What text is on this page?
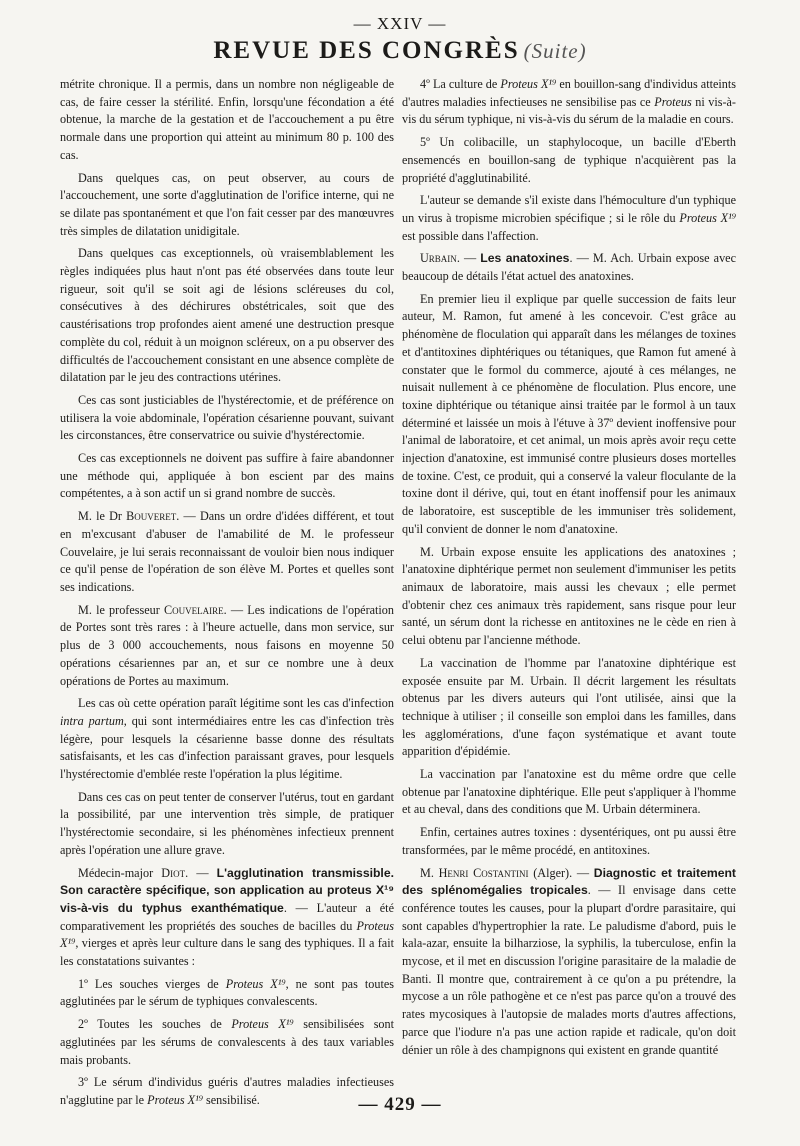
— XXIV —
REVUE DES CONGRÈS (Suite)

métrite chronique. Il a permis, dans un nombre non négligeable de cas, de faire cesser la stérilité. Enfin, lorsqu'une fécondation a été obtenue, la marche de la gestation et de l'accouchement a pu être normale dans une proportion qui atteint au minimum 80 p. 100 des cas.

Dans quelques cas, on peut observer, au cours de l'accouchement, une sorte d'agglutination de l'orifice interne, qui ne se dilate pas spontanément et que l'on fait cesser par des manœuvres très simples de dilatation unidigitale.

Dans quelques cas exceptionnels, où vraisemblablement les règles indiquées plus haut n'ont pas été observées dans toute leur rigueur, soit qu'il se soit agi de lésions scléreuses du col, consécutives à des déchirures obstétricales, soit que des caustérisations trop profondes aient amené une destruction presque complète du col, réduit à un moignon scléreux, on a pu observer des difficultés de l'accouchement consistant en une absence complète de dilatation par le jeu des contractions utérines.

Ces cas sont justiciables de l'hystérectomie, et de préférence on utilisera la voie abdominale, l'opération césarienne pouvant, suivant les circonstances, être conservatrice ou suivie d'hystérectomie.

Ces cas exceptionnels ne doivent pas suffire à faire abandonner une méthode qui, appliquée à bon escient par des mains compétentes, a à son actif un si grand nombre de succès.

M. le Dr Bouveret. — Dans un ordre d'idées différent, et tout en m'excusant d'abuser de l'amabilité de M. le professeur Couvelaire, je lui serais reconnaissant de vouloir bien nous indiquer ce qu'il pense de l'opération de son élève M. Portes et quelles sont ses indications.

M. le professeur Couvelaire. — Les indications de l'opération de Portes sont très rares : à l'heure actuelle, dans mon service, sur plus de 3 000 accouchements, nous faisons en moyenne 50 opérations césariennes par an, et sur ce nombre une à deux opérations de Portes au maximum.

Les cas où cette opération paraît légitime sont les cas d'infection intra partum, qui sont intermédiaires entre les cas d'infection très légère, pour lesquels la césarienne basse donne des résultats satisfaisants, et les cas d'infection paraissant graves, pour lesquels l'hystérectomie d'emblée reste l'opération la plus légitime.

Dans ces cas on peut tenter de conserver l'utérus, tout en gardant la possibilité, par une intervention très simple, de pratiquer l'hystérectomie secondaire, si les phénomènes infectieux prennent après l'opération une allure grave.

Médecin-major Diot. — L'agglutination transmissible. Son caractère spécifique, son application au proteus X¹⁹ vis-à-vis du typhus exanthématique. — L'auteur a été comparativement les propriétés des souches de bacilles du Proteus X¹⁹, vierges et après leur culture dans le sang des typhiques. Il a fait les constatations suivantes :

1º Les souches vierges de Proteus X¹⁹, ne sont pas toutes agglutinées par le sérum de typhiques convalescents.

2º Toutes les souches de Proteus X¹⁹ sensibilisées sont agglutinées par les sérums de convalescents à des taux variables mais probants.

3º Le sérum d'individus guéris d'autres maladies infectieuses n'agglutine par le Proteus X¹⁹ sensibilisé.

4º La culture de Proteus X¹⁹ en bouillon-sang d'individus atteints d'autres maladies infectieuses ne sensibilise pas ce Proteus ni vis-à-vis du sérum typhique, ni vis-à-vis du sérum de la maladie en cours.

5º Un colibacille, un staphylocoque, un bacille d'Eberth ensemencés en bouillon-sang de typhique n'acquièrent pas la propriété d'agglutinabilité.

L'auteur se demande s'il existe dans l'hémoculture d'un typhique un virus à tropisme microbien spécifique ; si le rôle du Proteus X¹⁹ est possible dans l'affection.

Urbain. — Les anatoxines. — M. Ach. Urbain expose avec beaucoup de détails l'état actuel des anatoxines.

En premier lieu il explique par quelle succession de faits leur auteur, M. Ramon, fut amené à les concevoir. C'est grâce au phénomène de floculation qui apparaît dans les mélanges de toxines et d'antitoxines diphtériques ou tétaniques, que Ramon fut amené à constater que le formol du commerce, ajouté à ces mélanges, ne nuisait nullement à ce phénomène de floculation. Plus encore, une toxine diphtérique ou tétanique ainsi traitée par le formol à un taux déterminé et laissée un mois à l'étuve à 37º devient inoffensive pour l'animal de laboratoire, et cet animal, un mois après avoir reçu cette injection d'anatoxine, est immunisé contre plusieurs doses mortelles de toxine. C'est, ce produit, qui a conservé la valeur floculante de la toxine dont il dérive, qui, tout en étant inoffensif pour les animaux de laboratoire, est susceptible de les immuniser très solidement, qu'il convient de donner le nom d'anatoxine.

M. Urbain expose ensuite les applications des anatoxines ; l'anatoxine diphtérique permet non seulement d'immuniser les petits animaux de laboratoire, mais aussi les chevaux ; elle permet d'obtenir chez ces animaux très rapidement, sans risque pour leur santé, un sérum dont la richesse en antitoxines ne le cède en rien à celui obtenu par l'ancienne méthode.

La vaccination de l'homme par l'anatoxine diphtérique est exposée ensuite par M. Urbain. Il décrit largement les résultats obtenus par les divers auteurs qui l'ont utilisée, ainsi que la technique à utiliser ; il conseille son emploi dans les familles, dans les agglomérations, d'une façon systématique et avant toute apparition d'épidémie.

La vaccination par l'anatoxine est du même ordre que celle obtenue par l'anatoxine diphtérique. Elle peut s'appliquer à l'homme et au cheval, dans des conditions que M. Urbain déterminera.

Enfin, certaines autres toxines : dysentériques, ont pu aussi être transformées, par le même procédé, en antitoxines.

M. Henri Costantini (Alger). — Diagnostic et traitement des splénomégalies tropicales. — Il envisage dans cette conférence toutes les causes, pour la plupart d'ordre parasitaire, qui sont capables d'hypertrophier la rate. Le paludisme d'abord, puis le kala-azar, ensuite la bilharziose, la syphilis, la tuberculose, enfin la mycose, et il met en discussion l'origine parasitaire de la maladie de Banti. Il montre que, contrairement à ce qu'on a pu prétendre, la mycose a un rôle pathogène et ce n'est pas parce qu'on a trouvé des rates mycosiques à l'autopsie de malades morts d'autres affections, parce que l'iodure n'a pas une action rapide et radicale, qu'on doit dénier un rôle à des champignons qui existent en grande quantité

— 429 —
